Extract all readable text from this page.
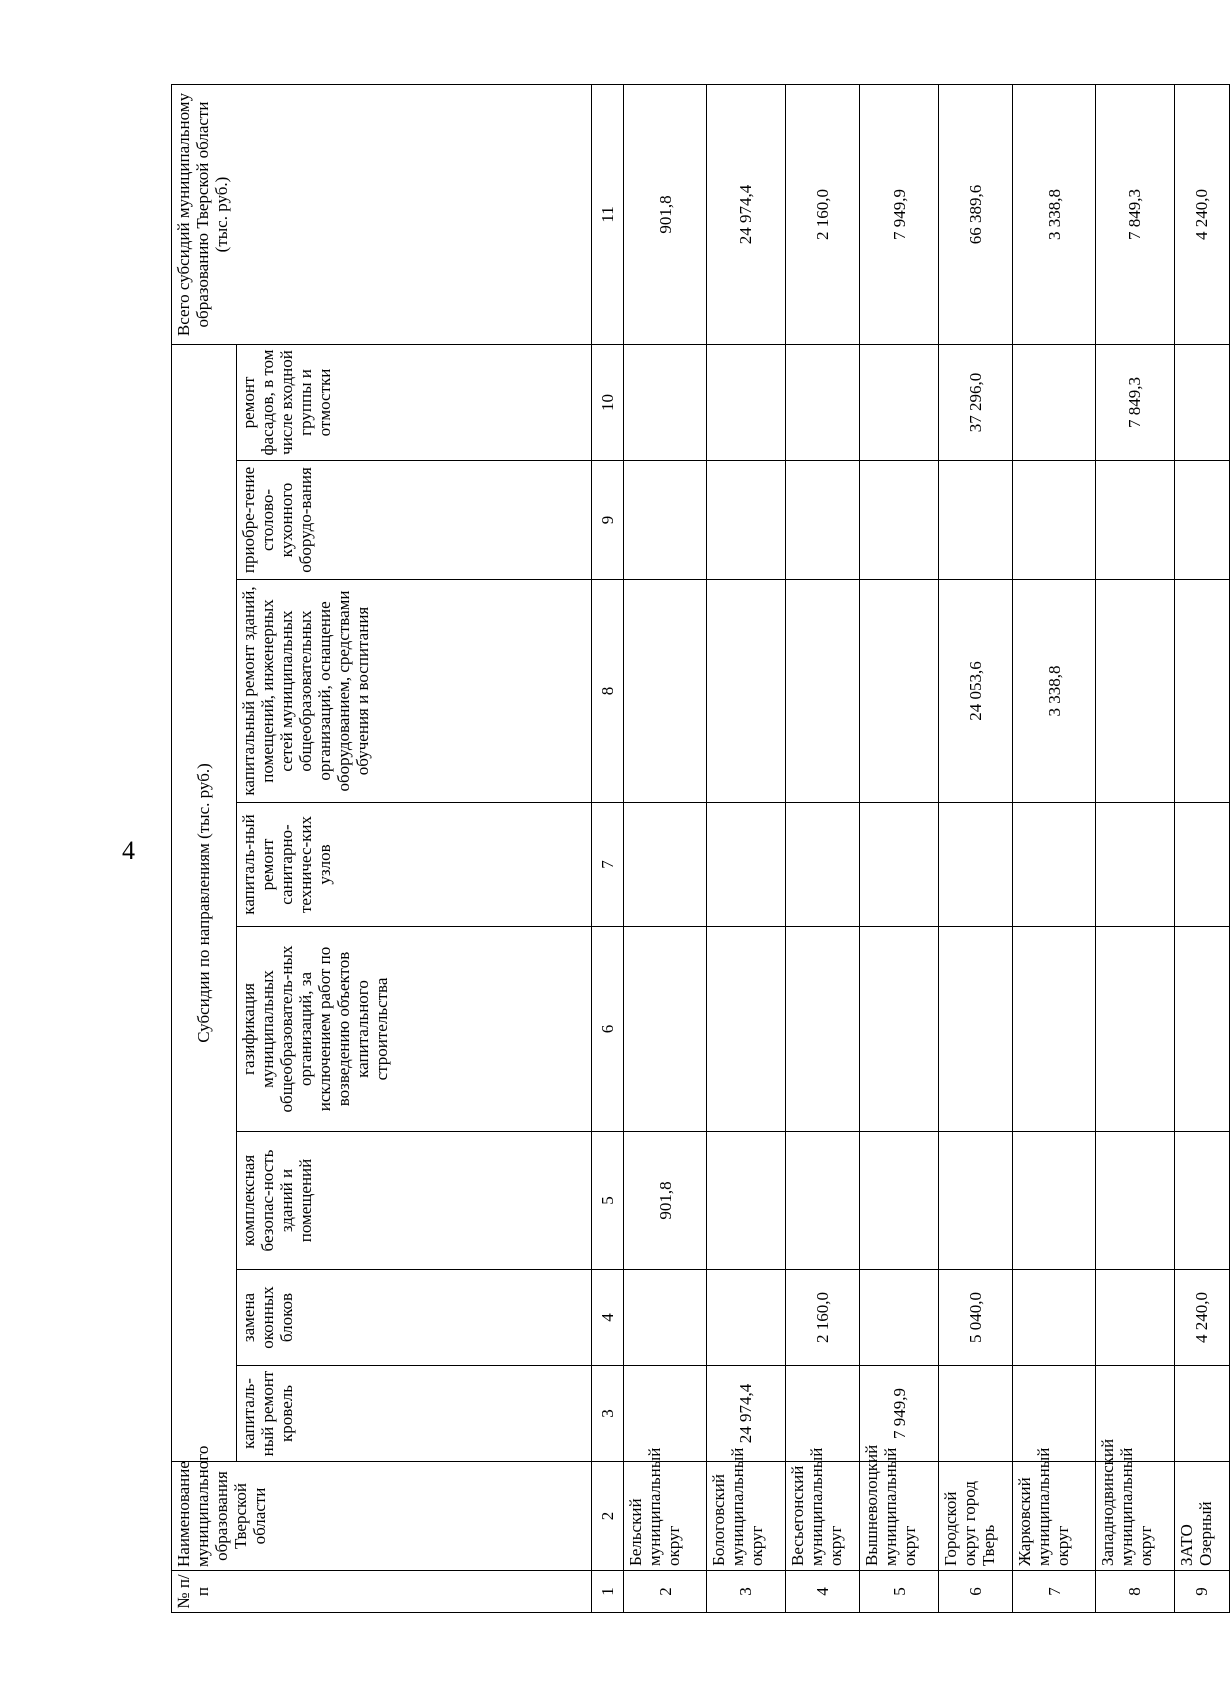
4
№ п/п	Наименование муниципального образования Тверской области	Субсидии по направлениям (тыс. руб.)								Всего субсидий муниципальному образованию Тверской области (тыс. руб.)
		капиталь-ный ремонт кровель	замена оконных блоков	комплексная безопас-ность зданий и помещений	газификация муниципальных общеобразователь-ных организаций, за исключением работ по возведению объектов капитального строительства	капиталь-ный ремонт санитарно-техничес-ких узлов	капитальный ремонт зданий, помещений, инженерных сетей муниципальных общеобразовательных организаций, оснащение оборудованием, средствами обучения и воспитания	приобре-тение столово-кухонного оборудо-вания	ремонт фасадов, в том числе входной группы и отмостки	
1	2	3	4	5	6	7	8	9	10	11
2	Бельский муниципальный округ			901,8						901,8
3	Бологовский муниципальный округ	24 974,4								24 974,4
4	Весьегонский муниципальный округ		2 160,0							2 160,0
5	Вышневолоцкий муниципальный округ	7 949,9								7 949,9
6	Городской округ город Тверь		5 040,0				24 053,6		37 296,0	66 389,6
7	Жарковский муниципальный округ						3 338,8			3 338,8
8	Западнодвинский муниципальный округ								7 849,3	7 849,3
9	ЗАТО Озерный		4 240,0							4 240,0
